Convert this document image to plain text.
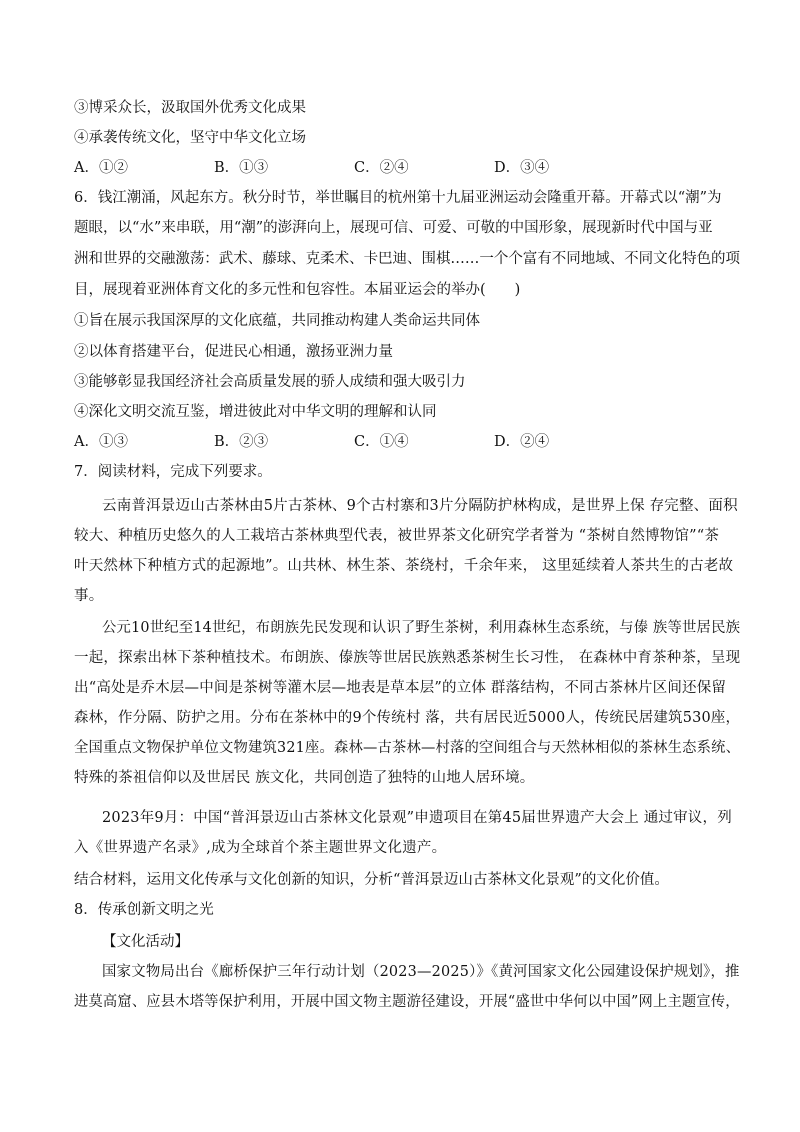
③博采众长，汲取国外优秀文化成果
④承袭传统文化，坚守中华文化立场
A．①②	B．①③	C．②④	D．③④
6．钱江潮涌，风起东方。秋分时节，举世瞩目的杭州第十九届亚洲运动会隆重开幕。开幕式以“潮”为
题眼，以“水”来串联，用“潮”的澎湃向上，展现可信、可爱、可敬的中国形象，展现新时代中国与亚
洲和世界的交融激荡：武术、藤球、克柔术、卡巴迪、围棋……一个个富有不同地域、不同文化特色的项
目，展现着亚洲体育文化的多元性和包容性。本届亚运会的举办(　　)
①旨在展示我国深厚的文化底蕴，共同推动构建人类命运共同体
②以体育搭建平台，促进民心相通，激扬亚洲力量
③能够彰显我国经济社会高质量发展的骄人成绩和强大吸引力
④深化文明交流互鉴，增进彼此对中华文明的理解和认同
A．①③	B．②③	C．①④	D．②④
7．阅读材料，完成下列要求。
云南普洱景迈山古茶林由5片古茶林、9个古村寨和3片分隔防护林构成，是世界上保 存完整、面积
较大、种植历史悠久的人工栽培古茶林典型代表，被世界茶文化研究学者誉为 “茶树自然博物馆”“茶
叶天然林下种植方式的起源地”。山共林、林生茶、茶绕村，千余年来， 这里延续着人茶共生的古老故
事。
公元10世纪至14世纪，布朗族先民发现和认识了野生茶树，利用森林生态系统，与傣 族等世居民族
一起，探索出林下茶种植技术。布朗族、傣族等世居民族熟悉茶树生长习性， 在森林中育茶种茶，呈现
出“高处是乔木层—中间是茶树等灌木层—地表是草本层”的立体 群落结构，不同古茶林片区间还保留
森林，作分隔、防护之用。分布在茶林中的9个传统村 落，共有居民近5000人，传统民居建筑530座，
全国重点文物保护单位文物建筑321座。森林—古茶林—村落的空间组合与天然林相似的茶林生态系统、
特殊的茶祖信仰以及世居民 族文化，共同创造了独特的山地人居环境。
2023年9月：中国“普洱景迈山古茶林文化景观”申遗项目在第45届世界遗产大会上 通过审议，列
入《世界遗产名录》,成为全球首个茶主题世界文化遗产。
结合材料，运用文化传承与文化创新的知识，分析“普洱景迈山古茶林文化景观”的文化价值。
8．传承创新文明之光
【文化活动】
国家文物局出台《廊桥保护三年行动计划（2023—2025）》《黄河国家文化公园建设保护规划》，推
进莫高窟、应县木塔等保护利用，开展中国文物主题游径建设，开展“盛世中华何以中国”网上主题宣传，
